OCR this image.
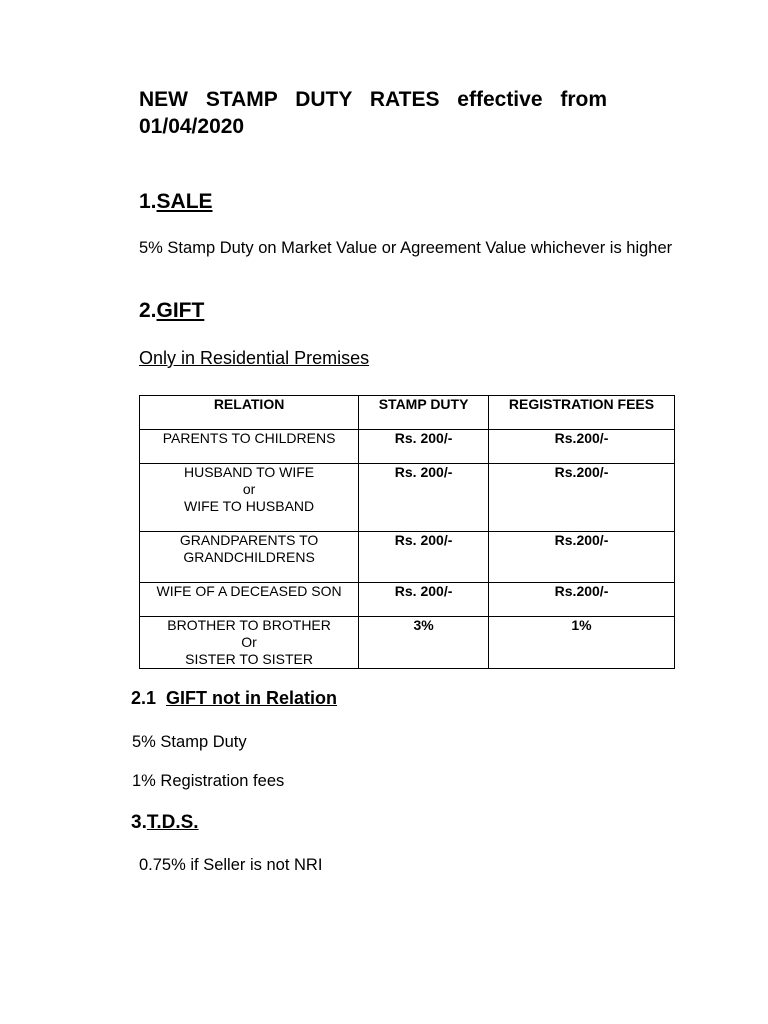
NEW STAMP DUTY RATES effective from
01/04/2020
1.SALE
5% Stamp Duty on Market Value or Agreement Value whichever is higher
2.GIFT
Only in Residential Premises
RELATION	STAMP DUTY	REGISTRATION FEES

PARENTS TO CHILDRENS	Rs. 200/-	Rs.200/-

HUSBAND TO WIFE
or
WIFE TO HUSBAND	Rs. 200/-	Rs.200/-

GRANDPARENTS TO
GRANDCHILDRENS	Rs. 200/-	Rs.200/-

WIFE OF A DECEASED SON	Rs. 200/-	Rs.200/-

BROTHER TO BROTHER
Or
SISTER TO SISTER	3%	1%
2.1 GIFT not in Relation
5% Stamp Duty
1% Registration fees
3.T.D.S.
0.75% if Seller is not NRI
